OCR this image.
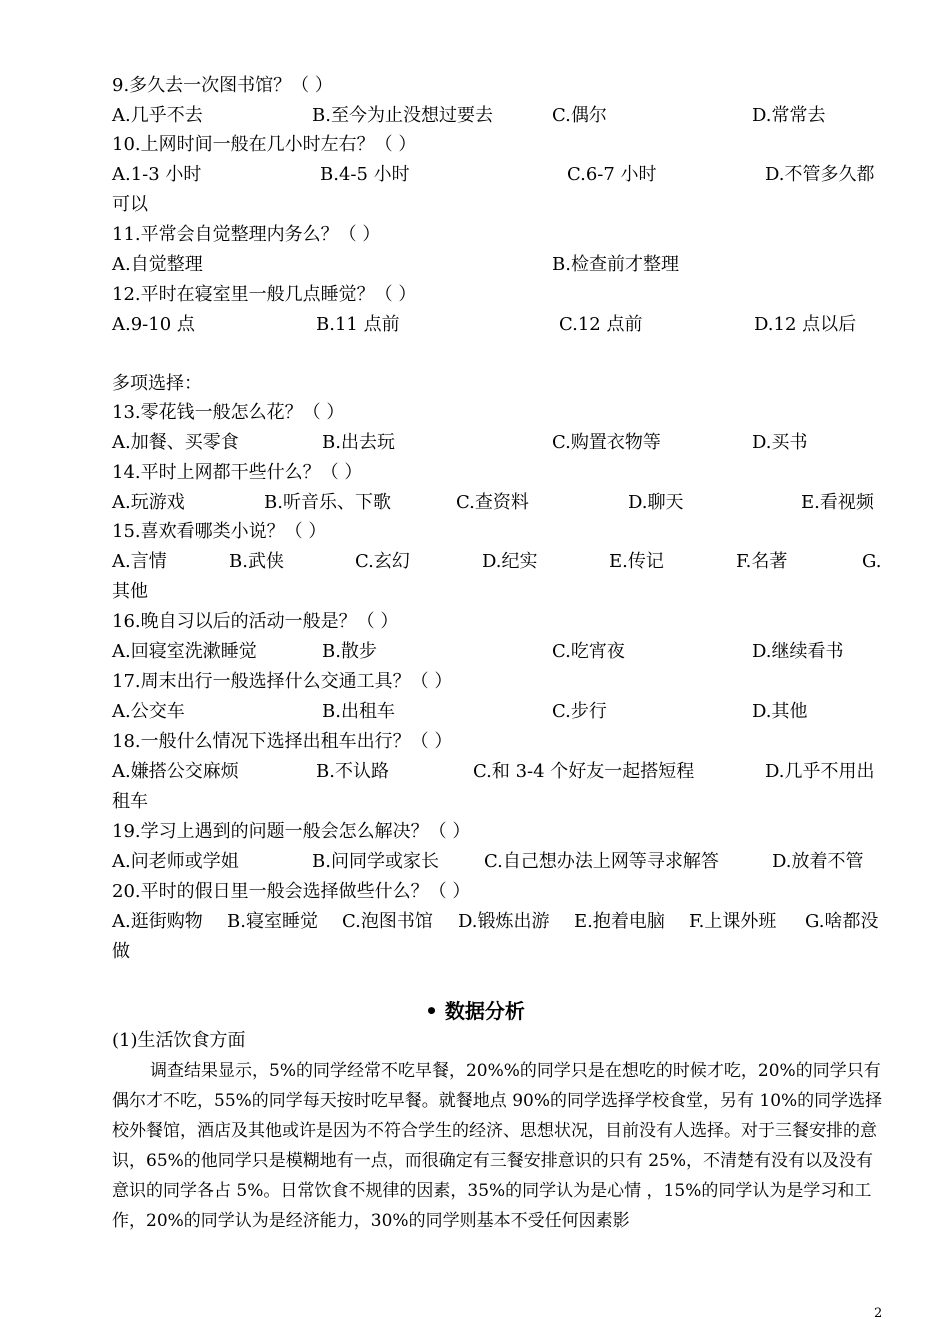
9.多久去一次图书馆？（ ）
A.几乎不去	B.至今为止没想过要去	C.偶尔	D.常常去
10.上网时间一般在几小时左右？（ ）
A.1-3 小时	B.4-5 小时	C.6-7 小时	D.不管多久都
可以
11.平常会自觉整理内务么？（ ）
A.自觉整理	B.检查前才整理
12.平时在寝室里一般几点睡觉？（ ）
A.9-10 点	B.11 点前	C.12 点前	D.12 点以后
多项选择：
13.零花钱一般怎么花？（ ）
A.加餐、买零食	B.出去玩	C.购置衣物等	D.买书
14.平时上网都干些什么？（ ）
A.玩游戏	B.听音乐、下歌	C.查资料	D.聊天	E.看视频
15.喜欢看哪类小说？（ ）
A.言情	B.武侠	C.玄幻	D.纪实	E.传记	F.名著	G.
其他
16.晚自习以后的活动一般是？（ ）
A.回寝室洗漱睡觉	B.散步	C.吃宵夜	D.继续看书
17.周末出行一般选择什么交通工具？（ ）
A.公交车	B.出租车	C.步行	D.其他
18.一般什么情况下选择出租车出行？（ ）
A.嫌搭公交麻烦	B.不认路	C.和 3-4 个好友一起搭短程	D.几乎不用出
租车
19.学习上遇到的问题一般会怎么解决？（ ）
A.问老师或学姐	B.问同学或家长	C.自己想办法上网等寻求解答	D.放着不管
20.平时的假日里一般会选择做些什么？（ ）
A.逛街购物 B.寝室睡觉 C.泡图书馆 D.锻炼出游 E.抱着电脑 F.上课外班 G.啥都没
做
• 数据分析
(1)生活饮食方面
调查结果显示，5%的同学经常不吃早餐，20%%的同学只是在想吃的时候才吃，20%的同学只有偶尔才不吃，55%的同学每天按时吃早餐。就餐地点 90%的同学选择学校食堂，另有 10%的同学选择校外餐馆，酒店及其他或许是因为不符合学生的经济、思想状况，目前没有人选择。对于三餐安排的意识，65%的他同学只是模糊地有一点，而很确定有三餐安排意识的只有 25%，不清楚有没有以及没有意识的同学各占 5%。日常饮食不规律的因素，35%的同学认为是心情 ，15%的同学认为是学习和工作，20%的同学认为是经济能力，30%的同学则基本不受任何因素影
2
